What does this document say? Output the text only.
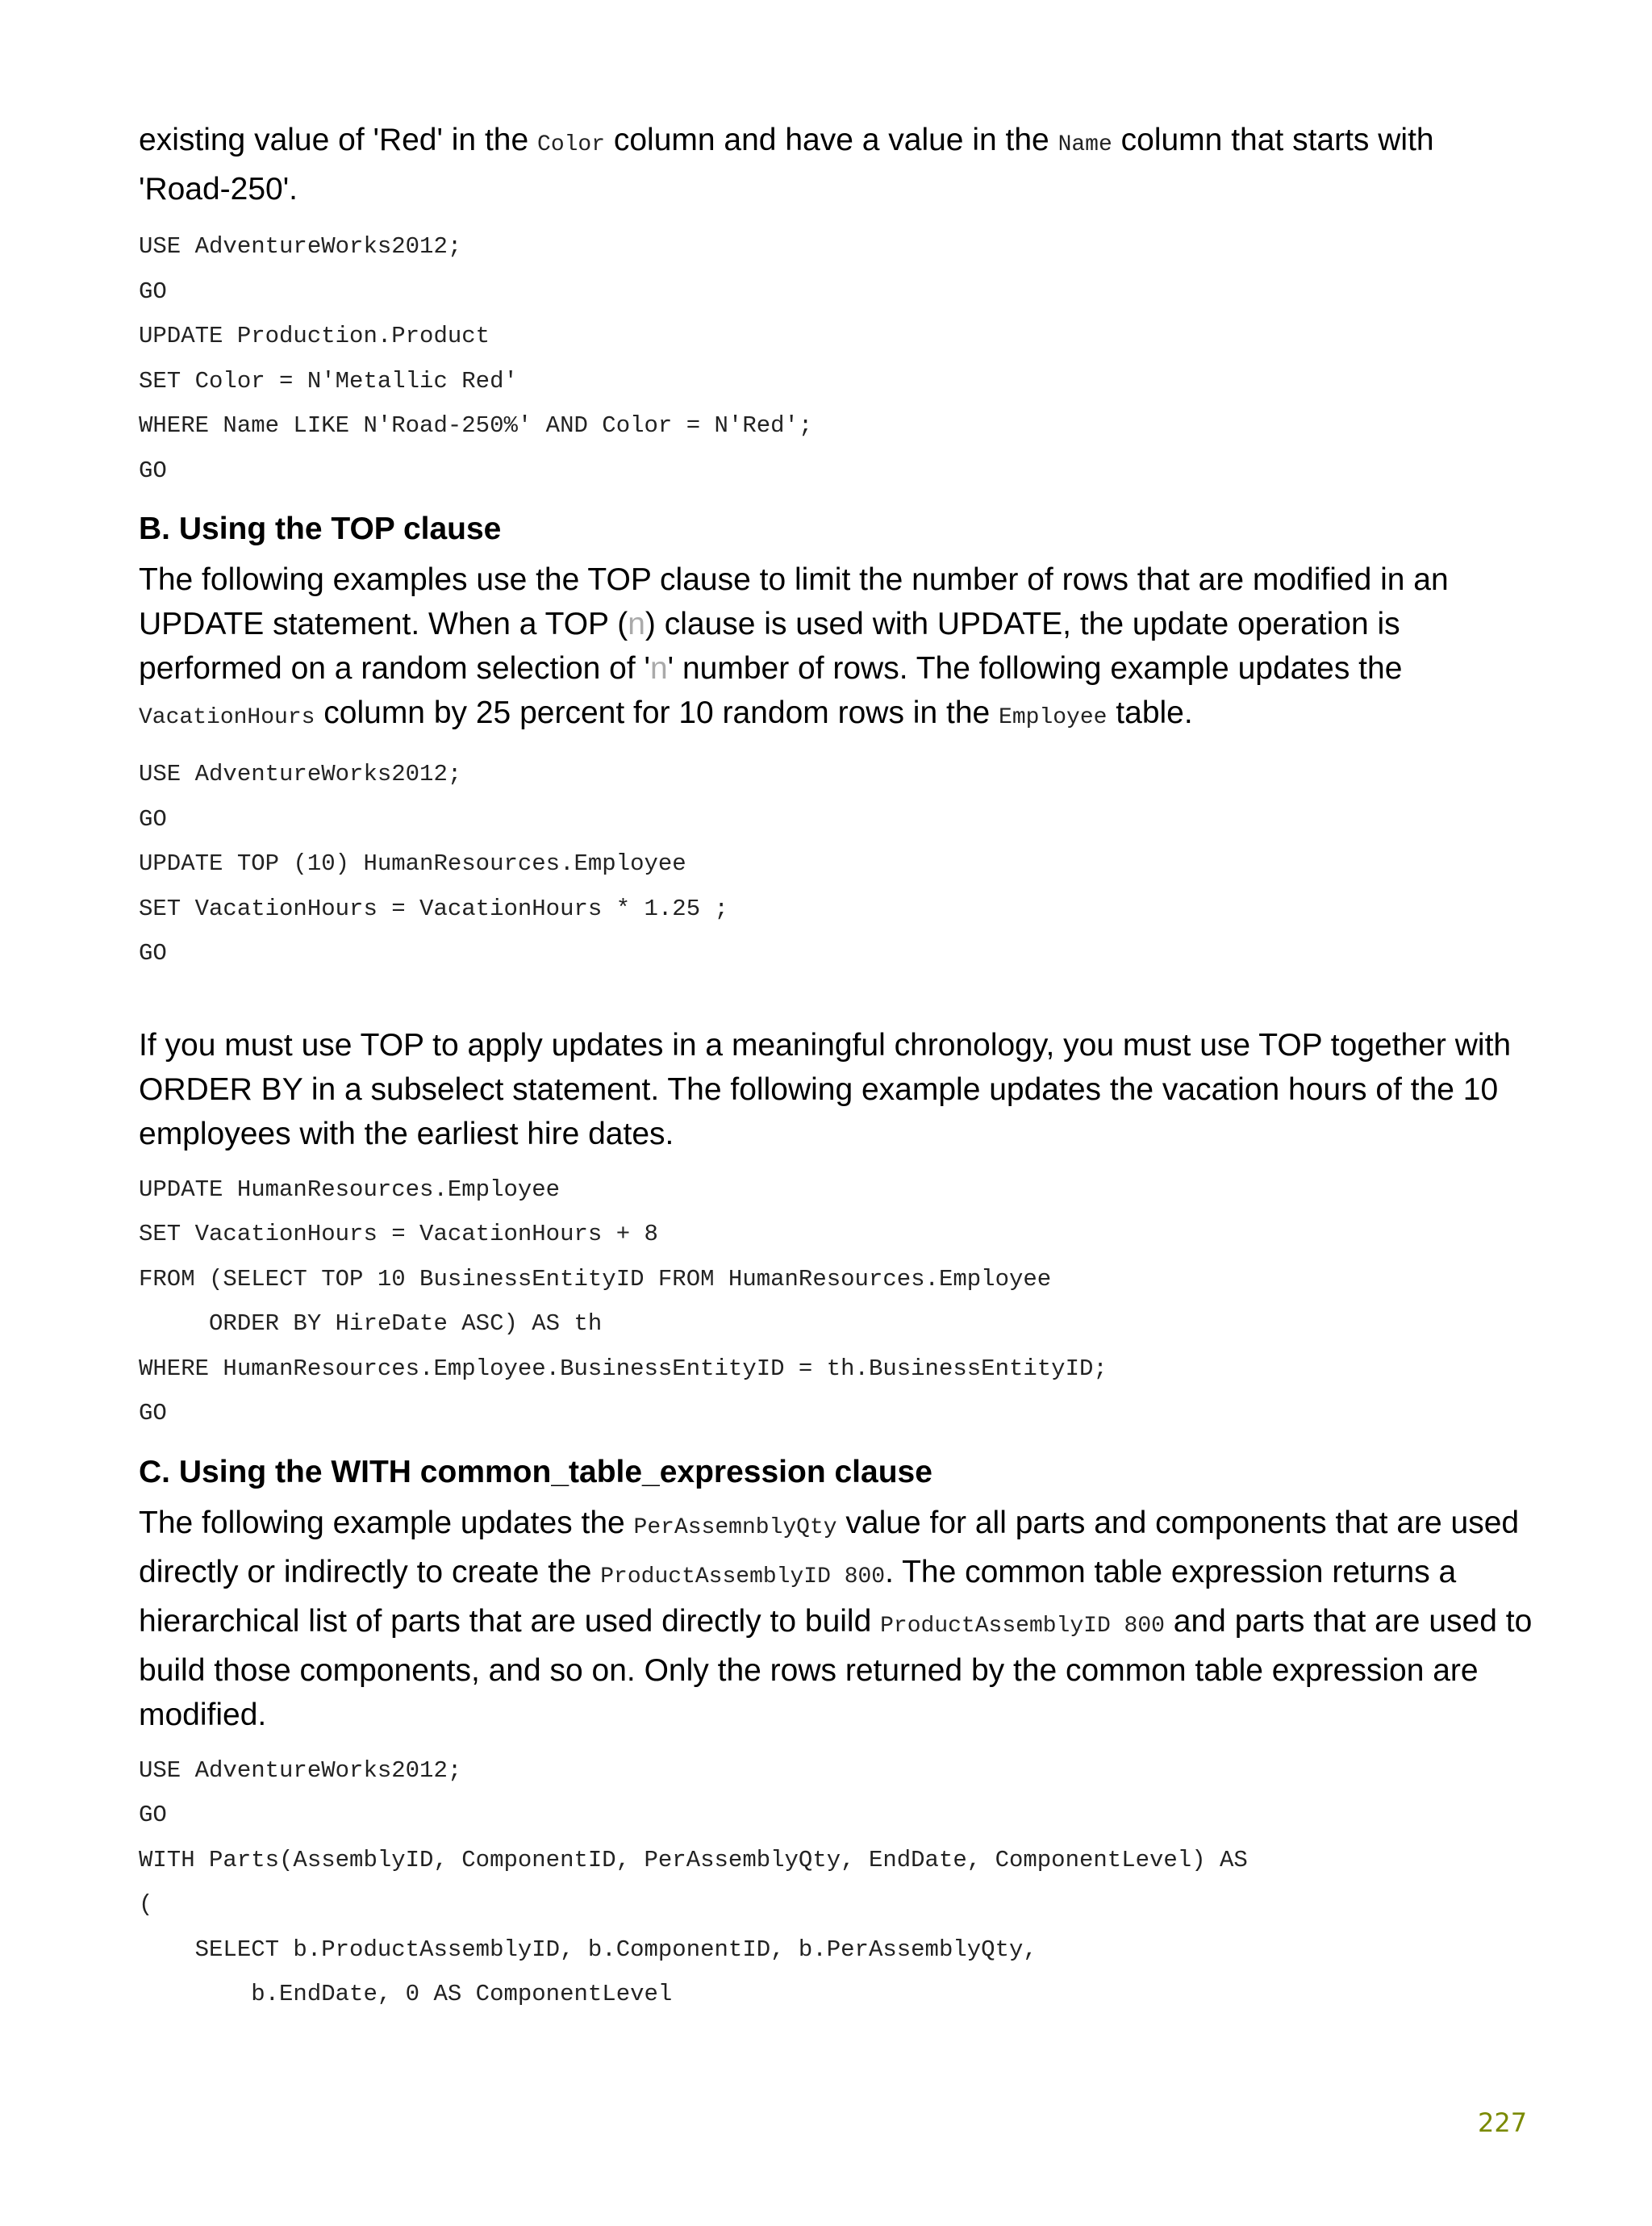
existing value of 'Red' in the Color column and have a value in the Name column that starts with 'Road-250'.

USE AdventureWorks2012;
GO
UPDATE Production.Product
SET Color = N'Metallic Red'
WHERE Name LIKE N'Road-250%' AND Color = N'Red';
GO
B. Using the TOP clause

The following examples use the TOP clause to limit the number of rows that are modified in an UPDATE statement. When a TOP (n) clause is used with UPDATE, the update operation is performed on a random selection of 'n' number of rows. The following example updates the VacationHours column by 25 percent for 10 random rows in the Employee table.

USE AdventureWorks2012;
GO
UPDATE TOP (10) HumanResources.Employee
SET VacationHours = VacationHours * 1.25 ;
GO

If you must use TOP to apply updates in a meaningful chronology, you must use TOP together with ORDER BY in a subselect statement. The following example updates the vacation hours of the 10 employees with the earliest hire dates.

UPDATE HumanResources.Employee
SET VacationHours = VacationHours + 8
FROM (SELECT TOP 10 BusinessEntityID FROM HumanResources.Employee
ORDER BY HireDate ASC) AS th
WHERE HumanResources.Employee.BusinessEntityID = th.BusinessEntityID;
GO
C. Using the WITH common_table_expression clause

The following example updates the PerAssemnblyQty value for all parts and components that are used directly or indirectly to create the ProductAssemblyID 800. The common table expression returns a hierarchical list of parts that are used directly to build ProductAssemblyID 800 and parts that are used to build those components, and so on. Only the rows returned by the common table expression are modified.

USE AdventureWorks2012;
GO
WITH Parts(AssemblyID, ComponentID, PerAssemblyQty, EndDate, ComponentLevel) AS
(
SELECT b.ProductAssemblyID, b.ComponentID, b.PerAssemblyQty,
b.EndDate, 0 AS ComponentLevel
227
